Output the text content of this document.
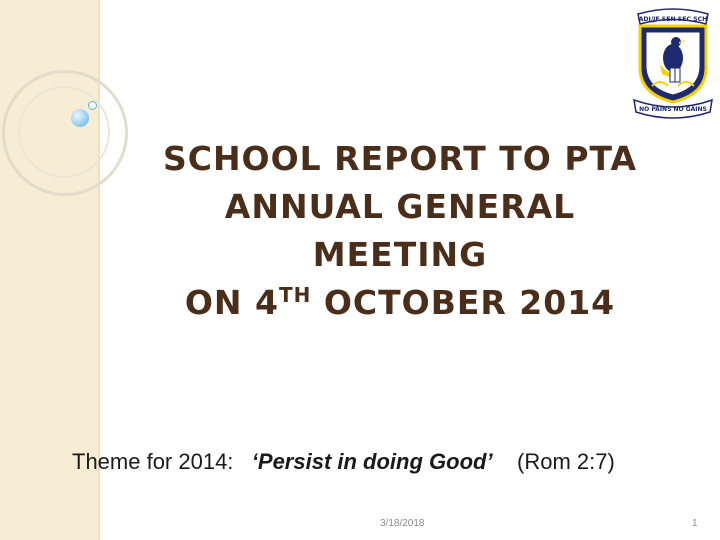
ADJ/JE SEN SEC SCH
NO PAINS NO GAINS
SCHOOL REPORT TO PTA
ANNUAL GENERAL
MEETING
ON 4TH OCTOBER 2014
Theme for 2014: ‘Persist in doing Good’ (Rom 2:7)
3/18/2018	1
